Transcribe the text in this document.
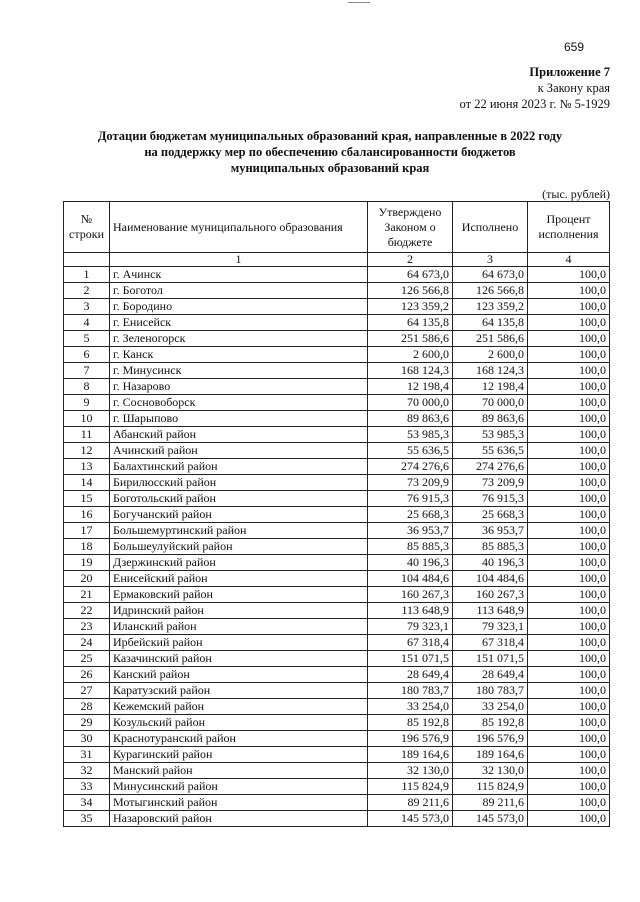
659
Приложение 7
к Закону края
от 22 июня 2023 г. № 5-1929
Дотации бюджетам муниципальных образований края, направленные в 2022 году
на поддержку мер по обеспечению сбалансированности бюджетов
муниципальных образований края
(тыс. рублей)
№ строки	Наименование муниципального образования	Утверждено Законом о бюджете	Исполнено	Процент исполнения
	1	2	3	4
1	г. Ачинск	64 673,0	64 673,0	100,0
2	г. Боготол	126 566,8	126 566,8	100,0
3	г. Бородино	123 359,2	123 359,2	100,0
4	г. Енисейск	64 135,8	64 135,8	100,0
5	г. Зеленогорск	251 586,6	251 586,6	100,0
6	г. Канск	2 600,0	2 600,0	100,0
7	г. Минусинск	168 124,3	168 124,3	100,0
8	г. Назарово	12 198,4	12 198,4	100,0
9	г. Сосновоборск	70 000,0	70 000,0	100,0
10	г. Шарыпово	89 863,6	89 863,6	100,0
11	Абанский район	53 985,3	53 985,3	100,0
12	Ачинский район	55 636,5	55 636,5	100,0
13	Балахтинский район	274 276,6	274 276,6	100,0
14	Бирилюсский район	73 209,9	73 209,9	100,0
15	Боготольский район	76 915,3	76 915,3	100,0
16	Богучанский район	25 668,3	25 668,3	100,0
17	Большемуртинский район	36 953,7	36 953,7	100,0
18	Большеулуйский район	85 885,3	85 885,3	100,0
19	Дзержинский район	40 196,3	40 196,3	100,0
20	Енисейский район	104 484,6	104 484,6	100,0
21	Ермаковский район	160 267,3	160 267,3	100,0
22	Идринский район	113 648,9	113 648,9	100,0
23	Иланский район	79 323,1	79 323,1	100,0
24	Ирбейский район	67 318,4	67 318,4	100,0
25	Казачинский район	151 071,5	151 071,5	100,0
26	Канский район	28 649,4	28 649,4	100,0
27	Каратузский район	180 783,7	180 783,7	100,0
28	Кежемский район	33 254,0	33 254,0	100,0
29	Козульский район	85 192,8	85 192,8	100,0
30	Краснотуранский район	196 576,9	196 576,9	100,0
31	Курагинский район	189 164,6	189 164,6	100,0
32	Манский район	32 130,0	32 130,0	100,0
33	Минусинский район	115 824,9	115 824,9	100,0
34	Мотыгинский район	89 211,6	89 211,6	100,0
35	Назаровский район	145 573,0	145 573,0	100,0
